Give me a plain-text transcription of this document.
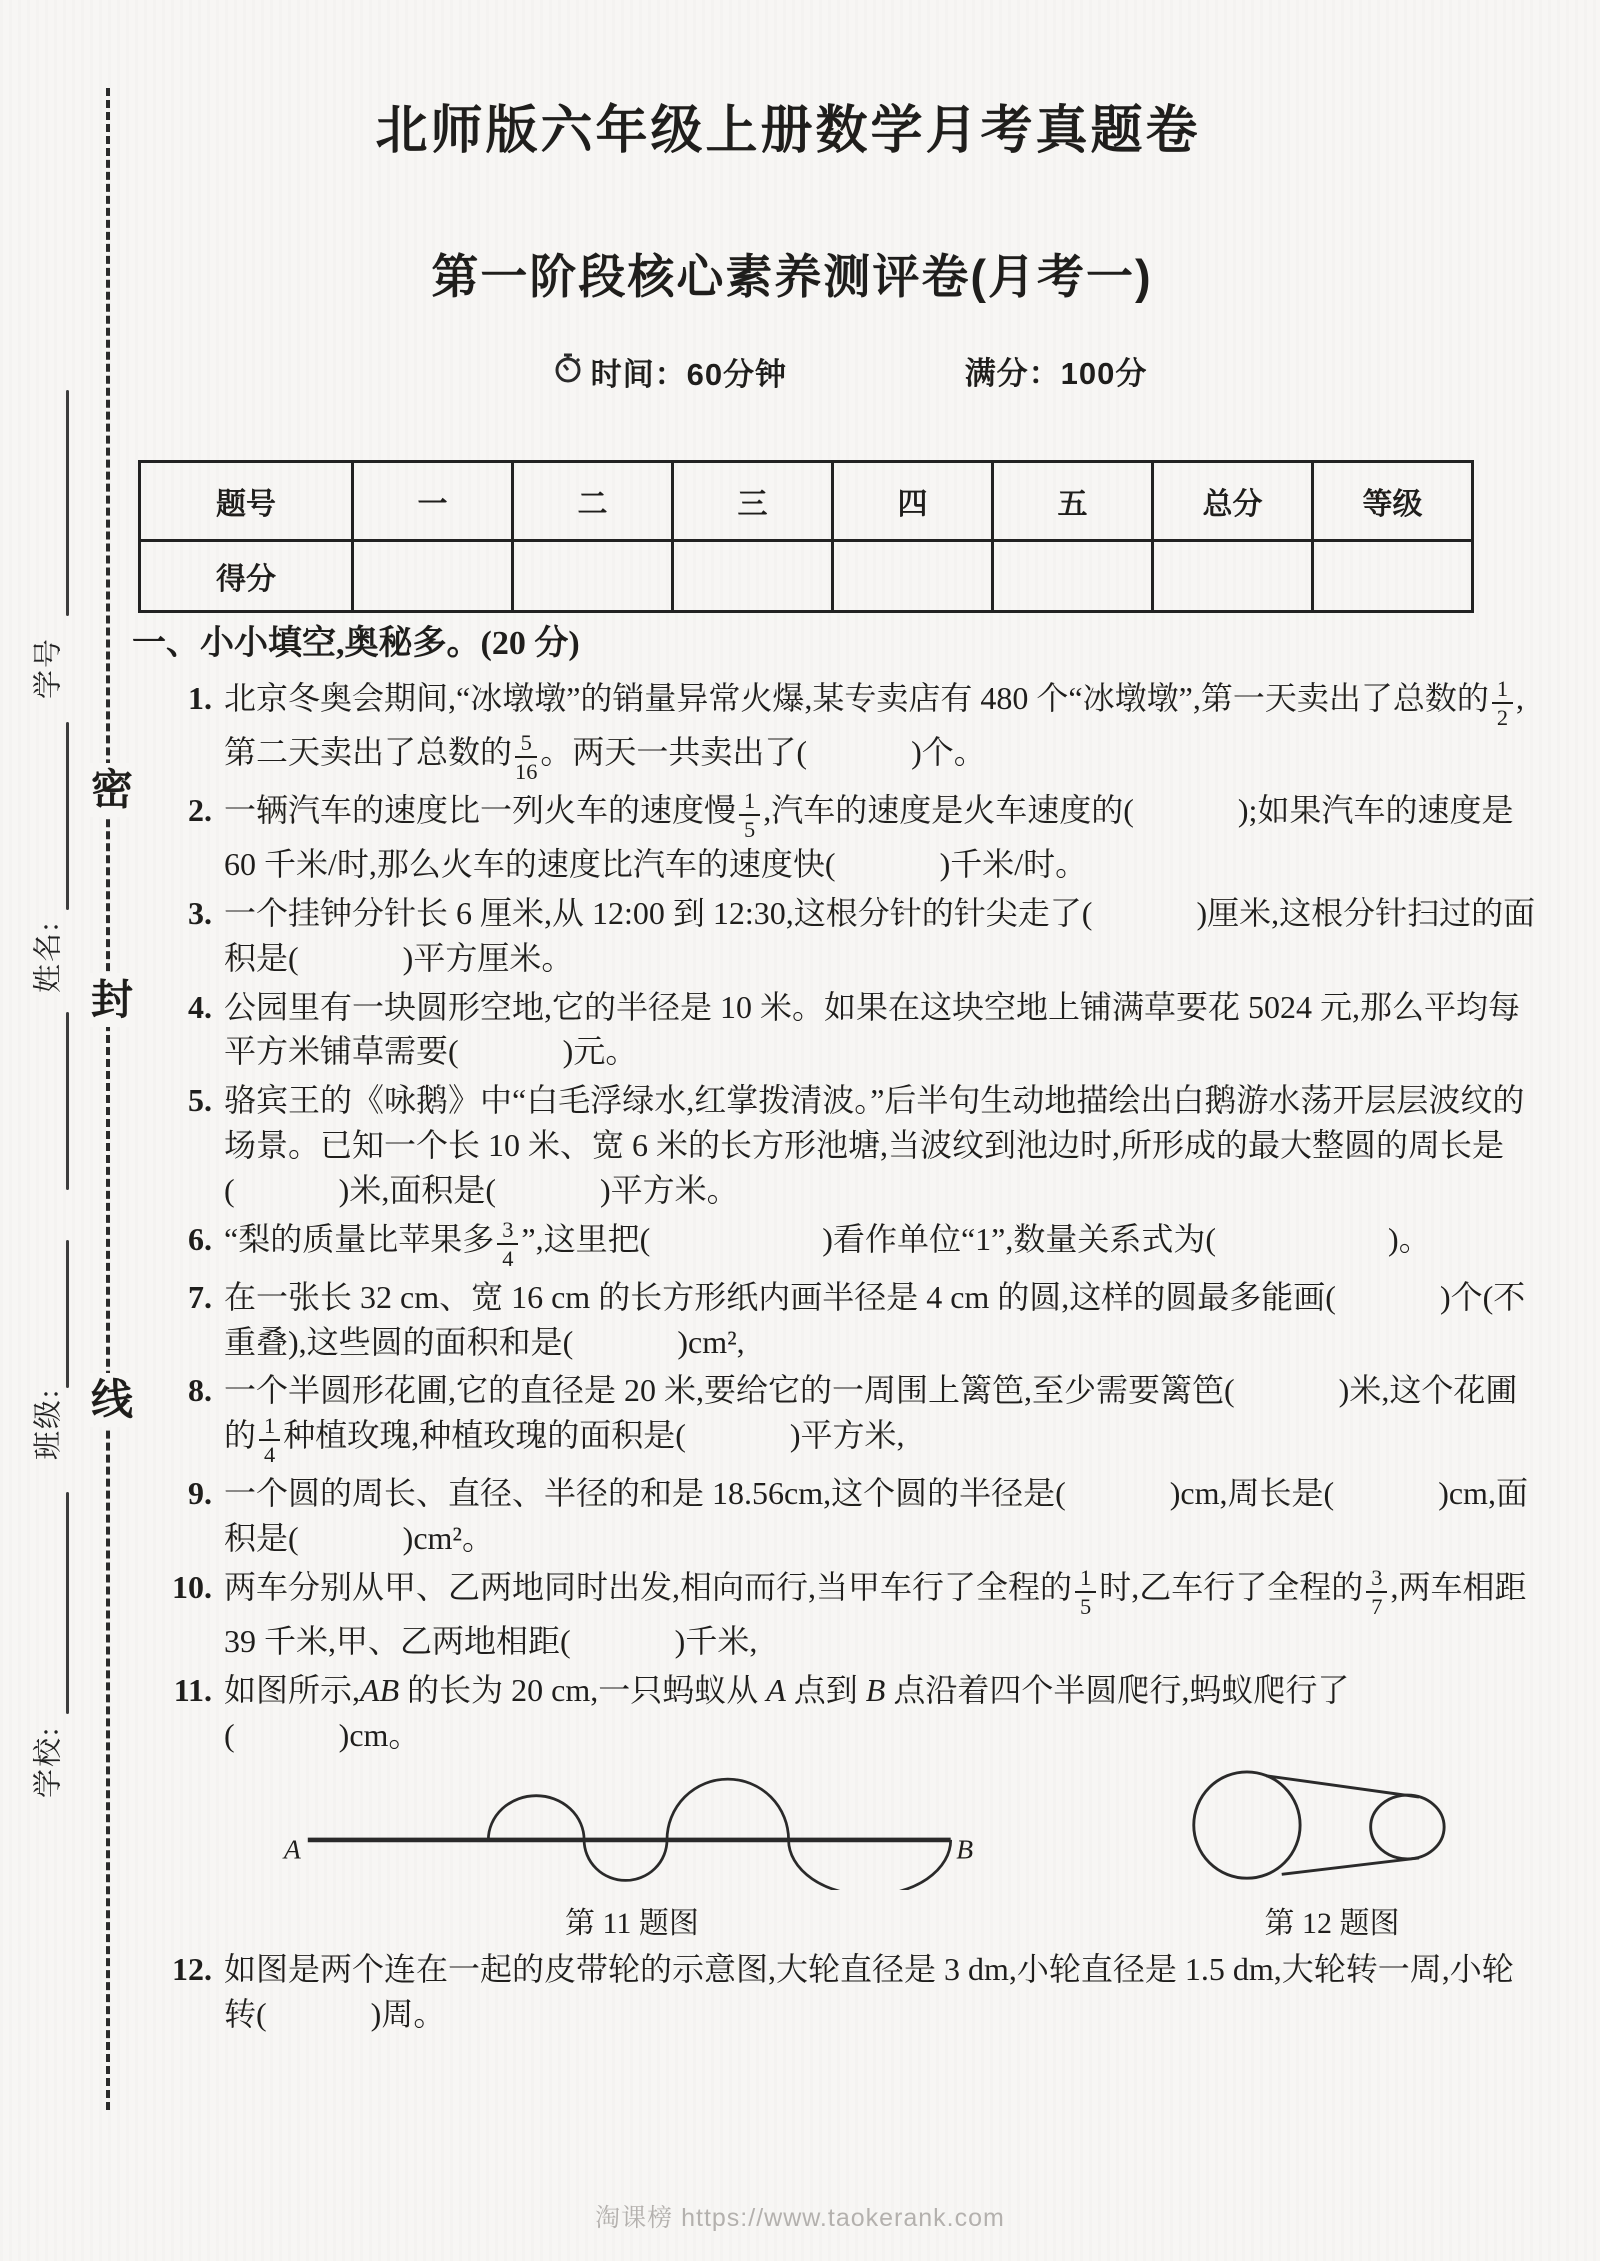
学号
姓名:
班级:
学校:
密
封
线
北师版六年级上册数学月考真题卷
第一阶段核心素养测评卷(月考一)
时间：60分钟	满分：100分
题号	一	二	三	四	五	总分	等级
得分							
一、小小填空,奥秘多。(20 分)
1. 北京冬奥会期间,“冰墩墩”的销量异常火爆,某专卖店有 480 个“冰墩墩”,第一天卖出了总数的 $\frac{1}{2}$ ,第二天卖出了总数的 $\frac{5}{16}$ 。两天一共卖出了(	)个。
2. 一辆汽车的速度比一列火车的速度慢 $\frac{1}{5}$ ,汽车的速度是火车速度的(	);如果汽车的速度是 60 千米/时,那么火车的速度比汽车的速度快(	)千米/时。
3. 一个挂钟分针长 6 厘米,从 12:00 到 12:30,这根分针的针尖走了(	)厘米,这根分针扫过的面积是(	)平方厘米。
4. 公园里有一块圆形空地,它的半径是 10 米。如果在这块空地上铺满草要花 5024 元,那么平均每平方米铺草需要(	)元。
5. 骆宾王的《咏鹅》中“白毛浮绿水,红掌拨清波。”后半句生动地描绘出白鹅游水荡开层层波纹的场景。已知一个长 10 米、宽 6 米的长方形池塘,当波纹到池边时,所形成的最大整圆的周长是(	)米,面积是(	)平方米。
6. “梨的质量比苹果多 $\frac{3}{4}$ ”,这里把(	)看作单位“1”,数量关系式为(	)。
7. 在一张长 32 cm、宽 16 cm 的长方形纸内画半径是 4 cm 的圆,这样的圆最多能画(	)个(不重叠),这些圆的面积和是(	)cm²,
8. 一个半圆形花圃,它的直径是 20 米,要给它的一周围上篱笆,至少需要篱笆(	)米,这个花圃的 $\frac{1}{4}$ 种植玫瑰,种植玫瑰的面积是(	)平方米,
9. 一个圆的周长、直径、半径的和是 18.56cm,这个圆的半径是(	)cm,周长是(	)cm,面积是(	)cm²。
10. 两车分别从甲、乙两地同时出发,相向而行,当甲车行了全程的 $\frac{1}{5}$ 时,乙车行了全程的 $\frac{3}{7}$ ,两车相距 39 千米,甲、乙两地相距(	)千米,
11. 如图所示,AB 的长为 20 cm,一只蚂蚁从 A 点到 B 点沿着四个半圆爬行,蚂蚁爬行了(	)cm。
A	B
第 11 题图	第 12 题图
12. 如图是两个连在一起的皮带轮的示意图,大轮直径是 3 dm,小轮直径是 1.5 dm,大轮转一周,小轮转(	)周。
淘课榜 https://www.taokerank.com
